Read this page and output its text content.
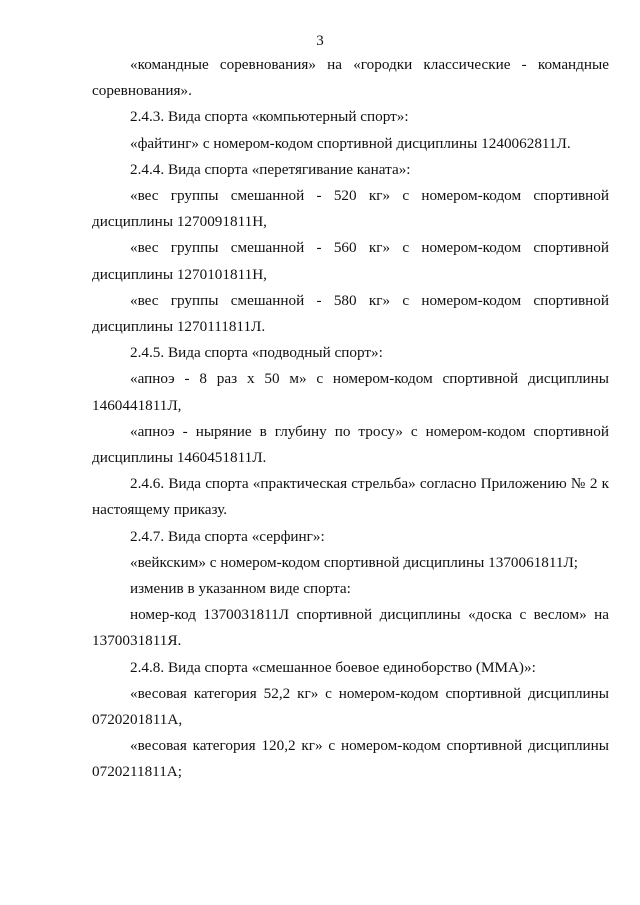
3

«командные соревнования» на «городки классические - командные соревнования».

2.4.3. Вида спорта «компьютерный спорт»:

«файтинг» с номером-кодом спортивной дисциплины 1240062811Л.

2.4.4. Вида спорта «перетягивание каната»:

«вес группы смешанной - 520 кг» с номером-кодом спортивной дисциплины 1270091811Н,

«вес группы смешанной - 560 кг» с номером-кодом спортивной дисциплины 1270101811Н,

«вес группы смешанной - 580 кг» с номером-кодом спортивной дисциплины 1270111811Л.

2.4.5. Вида спорта «подводный спорт»:

«апноэ - 8 раз х 50 м» с номером-кодом спортивной дисциплины 1460441811Л,

«апноэ - ныряние в глубину по тросу» с номером-кодом спортивной дисциплины 1460451811Л.

2.4.6. Вида спорта «практическая стрельба» согласно Приложению № 2 к настоящему приказу.

2.4.7. Вида спорта «серфинг»:

«вейкским» с номером-кодом спортивной дисциплины 1370061811Л;

изменив в указанном виде спорта:

номер-код 1370031811Л спортивной дисциплины «доска с веслом» на 1370031811Я.

2.4.8. Вида спорта «смешанное боевое единоборство (ММА)»:

«весовая категория 52,2 кг» с номером-кодом спортивной дисциплины 0720201811А,

«весовая категория 120,2 кг» с номером-кодом спортивной дисциплины 0720211811А;
